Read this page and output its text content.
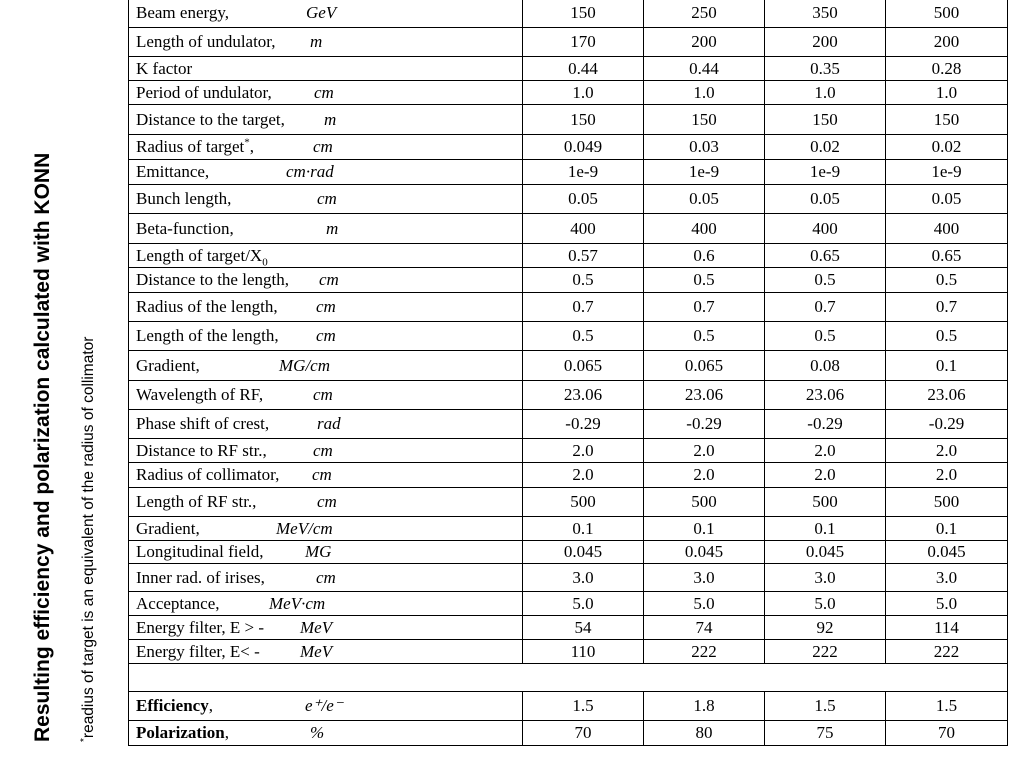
Resulting efficiency and polarization calculated with KONN *readius of target is an equivalent of the radius of collimator
Beam energy, GeV	150	250	350	500
Length of undulator, m	170	200	200	200
K factor	0.44	0.44	0.35	0.28
Period of undulator, cm	1.0	1.0	1.0	1.0
Distance to the target, m	150	150	150	150
Radius of target*, cm	0.049	0.03	0.02	0.02
Emittance, cm·rad	1e-9	1e-9	1e-9	1e-9
Bunch length, cm	0.05	0.05	0.05	0.05
Beta-function, m	400	400	400	400
Length of target/$X_0$	0.57	0.6	0.65	0.65
Distance to the length, cm	0.5	0.5	0.5	0.5
Radius of the length, cm	0.7	0.7	0.7	0.7
Length of the length, cm	0.5	0.5	0.5	0.5
Gradient, MG/cm	0.065	0.065	0.08	0.1
Wavelength of RF, cm	23.06	23.06	23.06	23.06
Phase shift of crest, rad	-0.29	-0.29	-0.29	-0.29
Distance to RF str., cm	2.0	2.0	2.0	2.0
Radius of collimator, cm	2.0	2.0	2.0	2.0
Length of RF str., cm	500	500	500	500
Gradient, MeV/cm	0.1	0.1	0.1	0.1
Longitudinal field, MG	0.045	0.045	0.045	0.045
Inner rad. of irises, cm	3.0	3.0	3.0	3.0
Acceptance, MeV·cm	5.0	5.0	5.0	5.0
Energy filter, E > - MeV	54	74	92	114
Energy filter, E< - MeV	110	222	222	222

Efficiency, e⁺/e⁻	1.5	1.8	1.5	1.5
Polarization, %	70	80	75	70
